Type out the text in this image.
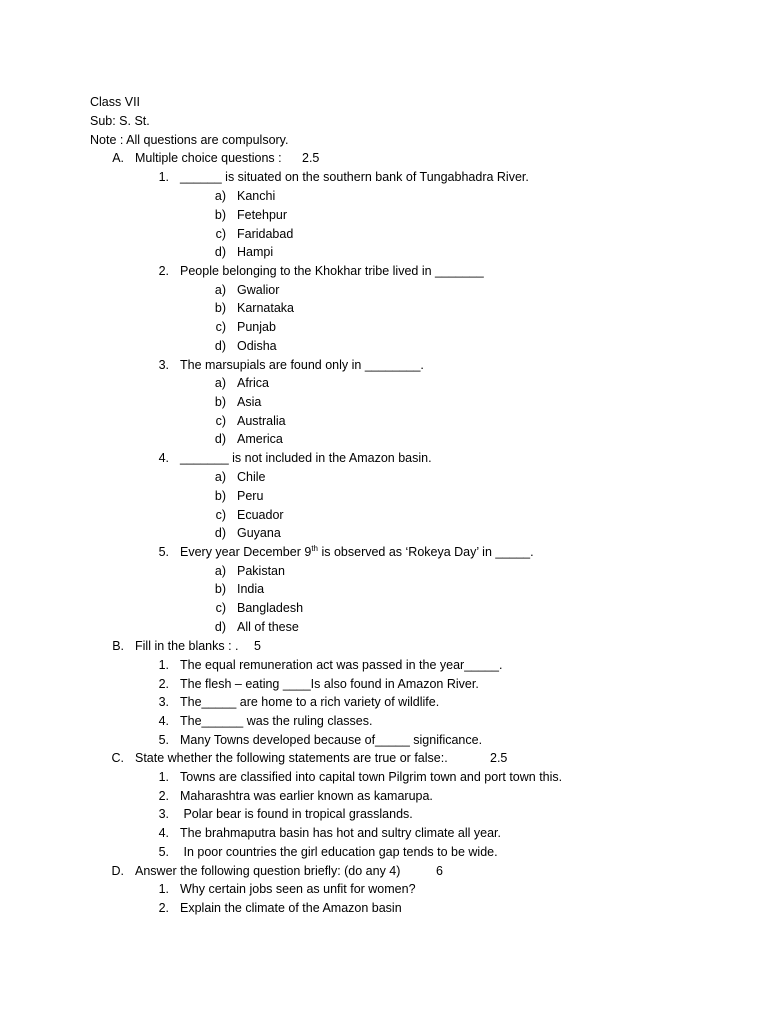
Class VII
Sub: S. St.
Note : All questions are compulsory.
A. Multiple choice questions : 2.5
1. ______ is situated on the southern bank of Tungabhadra River.
a) Kanchi
b) Fetehpur
c) Faridabad
d) Hampi
2. People belonging to the Khokhar tribe lived in _______
a) Gwalior
b) Karnataka
c) Punjab
d) Odisha
3. The marsupials are found only in ________.
a) Africa
b) Asia
c) Australia
d) America
4. _______ is not included in the Amazon basin.
a) Chile
b) Peru
c) Ecuador
d) Guyana
5. Every year December 9th is observed as ‘Rokeya Day’ in _____.
a) Pakistan
b) India
c) Bangladesh
d) All of these
B. Fill in the blanks : . 5
1. The equal remuneration act was passed in the year_____.
2. The flesh – eating ____Is also found in Amazon River.
3. The_____ are home to a rich variety of wildlife.
4. The______ was the ruling classes.
5. Many Towns developed because of_____ significance.
C. State whether the following statements are true or false:.	2.5
1. Towns are classified into capital town Pilgrim town and port town this.
2. Maharashtra was earlier known as kamarupa.
3. Polar bear is found in tropical grasslands.
4. The brahmaputra basin has hot and sultry climate all year.
5. In poor countries the girl education gap tends to be wide.
D. Answer the following question briefly: (do any 4)	6
1. Why certain jobs seen as unfit for women?
2. Explain the climate of the Amazon basin
